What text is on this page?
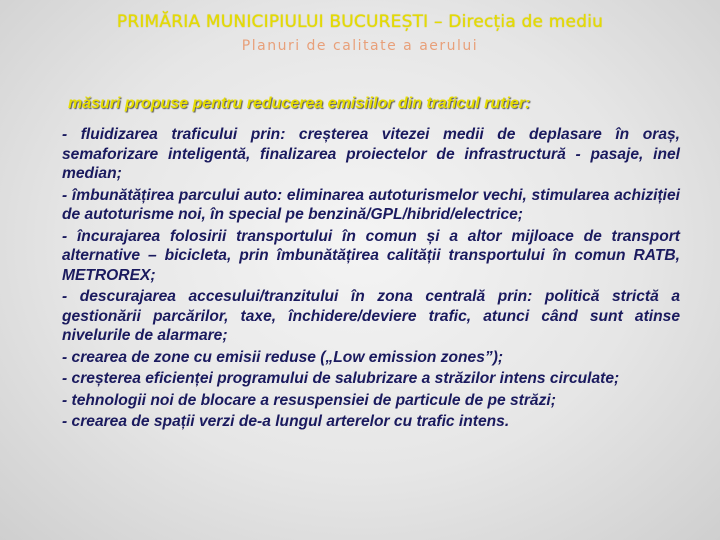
PRIMĂRIA MUNICIPIULUI BUCUREȘTI – Direcția de mediu
Planuri de calitate a aerului
măsuri propuse pentru reducerea emisiilor din traficul rutier:

- fluidizarea traficului prin: creșterea vitezei medii de deplasare în oraș, semaforizare inteligentă, finalizarea proiectelor de infrastructură - pasaje, inel median;

- îmbunătățirea parcului auto: eliminarea autoturismelor vechi, stimularea achiziției de autoturisme noi, în special pe benzină/GPL/hibrid/electrice;

- încurajarea folosirii transportului în comun și a altor mijloace de transport alternative – bicicleta, prin îmbunătățirea calității transportului în comun RATB, METROREX;

- descurajarea accesului/tranzitului în zona centrală prin: politică strictă a gestionării parcărilor, taxe, închidere/deviere trafic, atunci când sunt atinse nivelurile de alarmare;

- crearea de zone cu emisii reduse („Low emission zones”);

- creșterea eficienței programului de salubrizare a străzilor intens circulate;

- tehnologii noi de blocare a resuspensiei de particule de pe străzi;

- crearea de spații verzi de-a lungul arterelor cu trafic intens.
